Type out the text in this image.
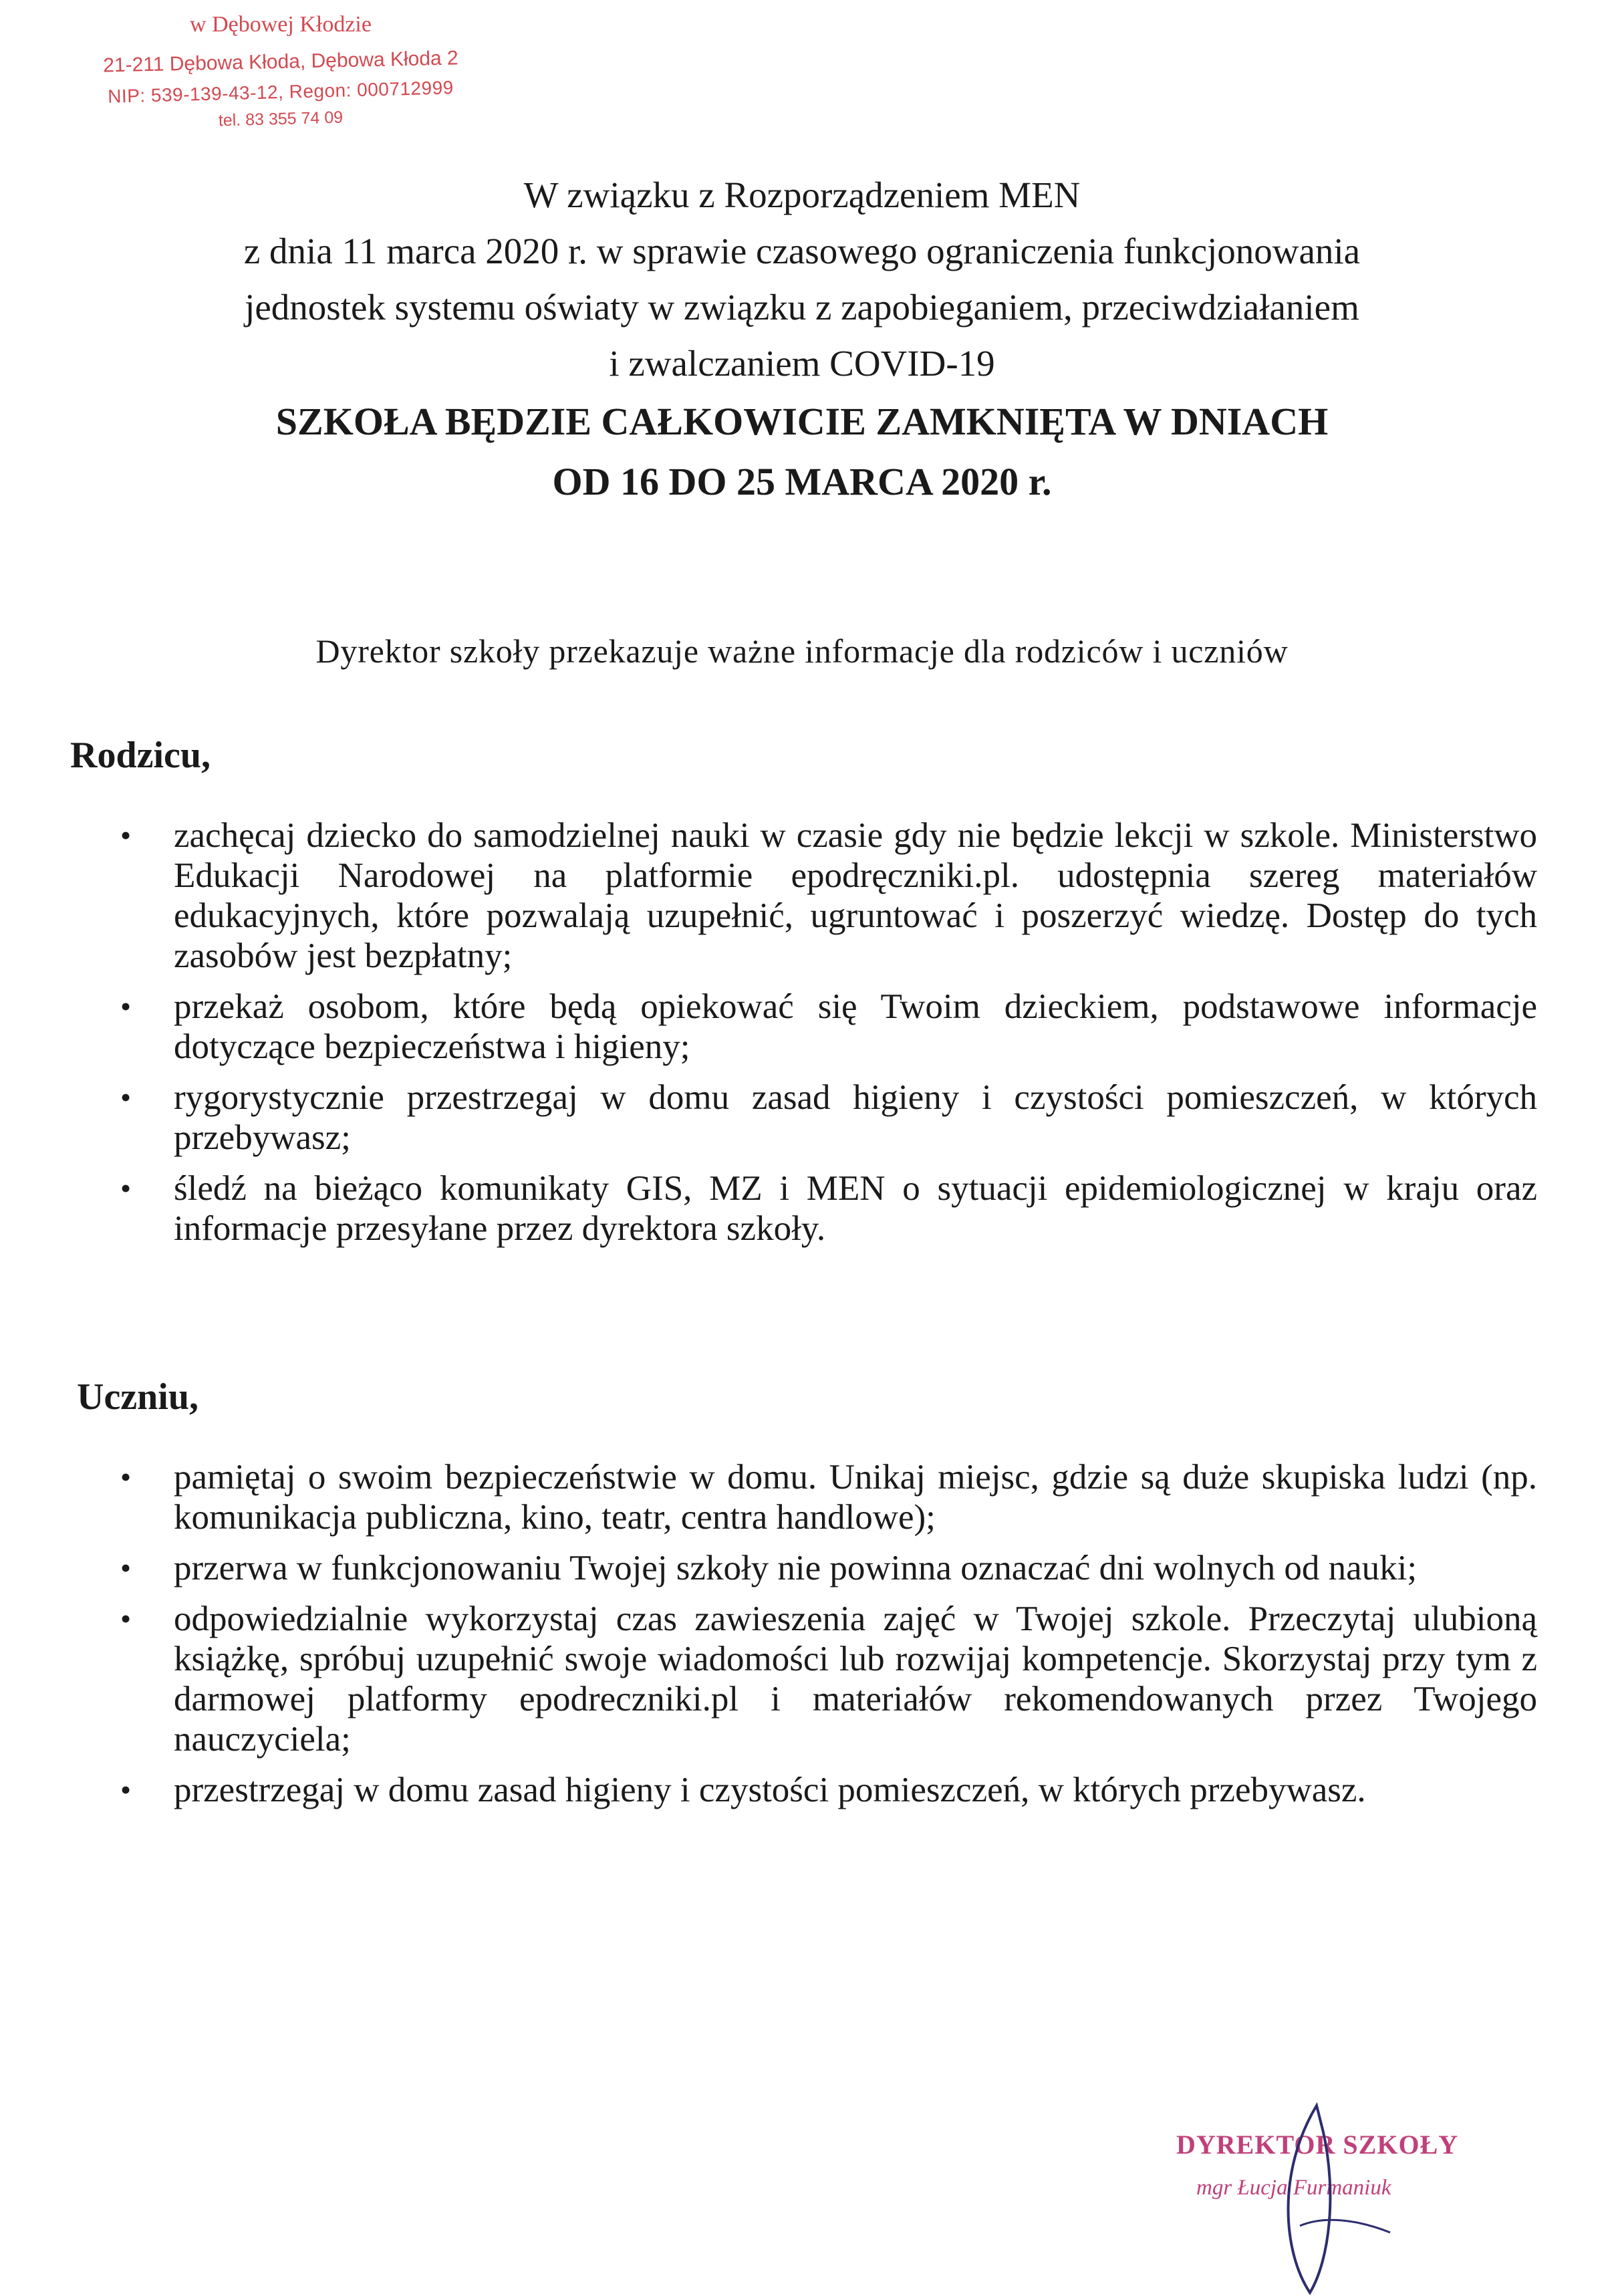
w Dębowej Kłodzie
21-211 Dębowa Kłoda, Dębowa Kłoda 2
NIP: 539-139-43-12, Regon: 000712999
tel. 83 355 74 09
W związku z Rozporządzeniem MEN
z dnia 11 marca 2020 r. w sprawie czasowego ograniczenia funkcjonowania
jednostek systemu oświaty w związku z zapobieganiem, przeciwdziałaniem
i zwalczaniem COVID-19
SZKOŁA BĘDZIE CAŁKOWICIE ZAMKNIĘTA W DNIACH
OD 16 DO 25 MARCA 2020 r.
Dyrektor szkoły przekazuje ważne informacje dla rodziców i uczniów
Rodzicu,
• zachęcaj dziecko do samodzielnej nauki w czasie gdy nie będzie lekcji w szkole. Ministerstwo Edukacji Narodowej na platformie epodręczniki.pl. udostępnia szereg materiałów edukacyjnych, które pozwalają uzupełnić, ugruntować i poszerzyć wiedzę. Dostęp do tych zasobów jest bezpłatny;
• przekaż osobom, które będą opiekować się Twoim dzieckiem, podstawowe informacje dotyczące bezpieczeństwa i higieny;
• rygorystycznie przestrzegaj w domu zasad higieny i czystości pomieszczeń, w których przebywasz;
• śledź na bieżąco komunikaty GIS, MZ i MEN o sytuacji epidemiologicznej w kraju oraz informacje przesyłane przez dyrektora szkoły.
Uczniu,
• pamiętaj o swoim bezpieczeństwie w domu. Unikaj miejsc, gdzie są duże skupiska ludzi (np. komunikacja publiczna, kino, teatr, centra handlowe);
• przerwa w funkcjonowaniu Twojej szkoły nie powinna oznaczać dni wolnych od nauki;
• odpowiedzialnie wykorzystaj czas zawieszenia zajęć w Twojej szkole. Przeczytaj ulubioną książkę, spróbuj uzupełnić swoje wiadomości lub rozwijaj kompetencje. Skorzystaj przy tym z darmowej platformy epodreczniki.pl i materiałów rekomendowanych przez Twojego nauczyciela;
• przestrzegaj w domu zasad higieny i czystości pomieszczeń, w których przebywasz.
DYREKTOR SZKOŁY
mgr Łucja Furmaniuk
